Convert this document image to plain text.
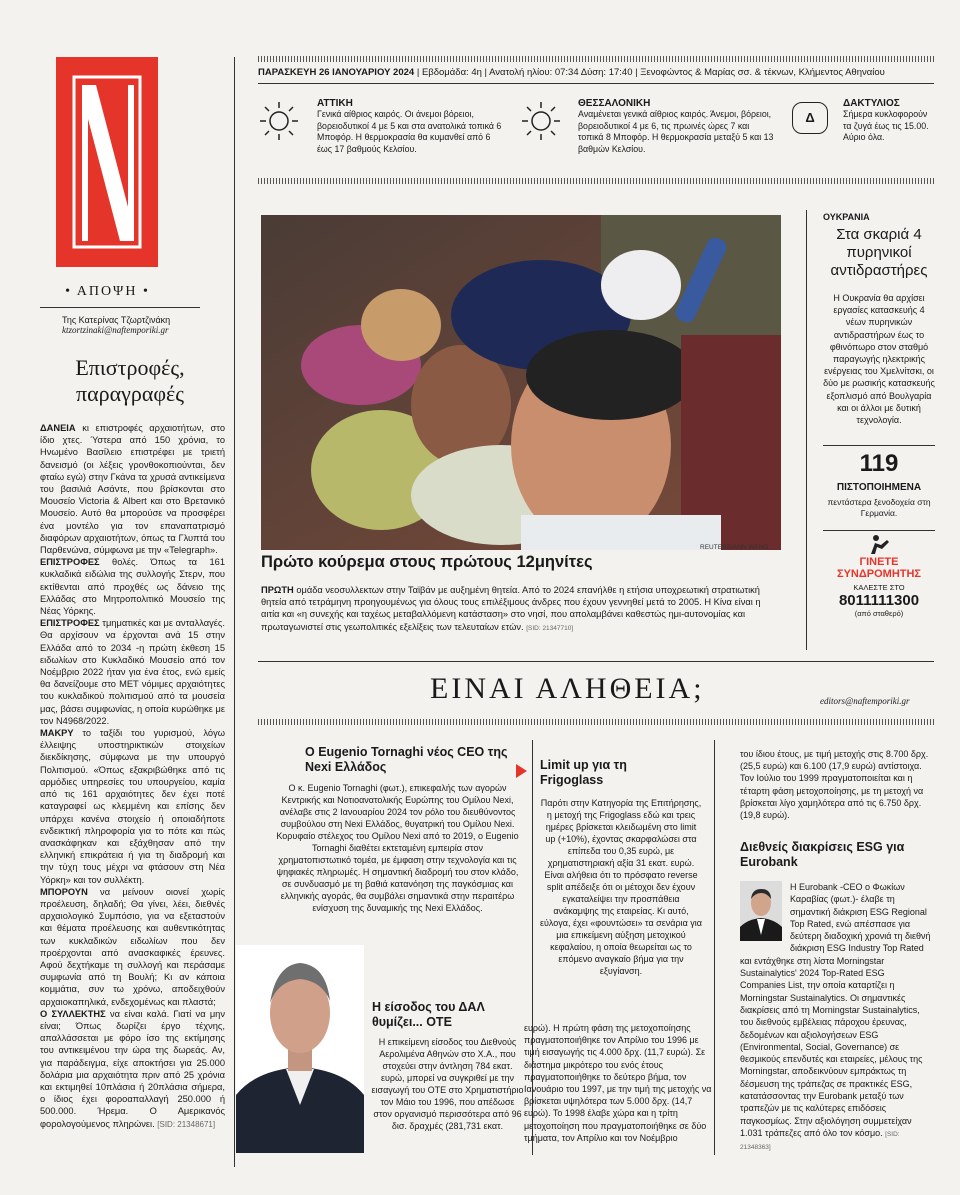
• ΑΠΟΨΗ •
Της Κατερίνας Τζωρτζινάκη
ktzortzinaki@naftemporiki.gr
Επιστροφές,
παραγραφές

ΔΑΝΕΙΑ κι επιστροφές αρχαιοτήτων, στο ίδιο χτες. Ύστερα από 150 χρόνια, το Ηνωμένο Βασίλειο επιστρέφει με τριετή δανεισμό (οι λέξεις γρονθοκοπιούνται, δεν φταίω εγώ) στην Γκάνα τα χρυσά αντικείμενα του βασιλιά Ασάντε, που βρίσκονται στο Μουσείο Victoria & Albert και στο Βρετανικό Μουσείο. Αυτό θα μπορούσε να προσφέρει ένα μοντέλο για τον επαναπατρισμό διαφόρων αρχαιοτήτων, όπως τα Γλυπτά του Παρθενώνα, σύμφωνα με την «Telegraph».

ΕΠΙΣΤΡΟΦΕΣ θολές. Όπως τα 161 κυκλαδικά ειδώλια της συλλογής Στερν, που εκτίθενται από προχθές ως δάνειο της Ελλάδας στο Μητροπολιτικό Μουσείο της Νέας Υόρκης.

ΕΠΙΣΤΡΟΦΕΣ τμηματικές και με ανταλλαγές. Θα αρχίσουν να έρχονται ανά 15 στην Ελλάδα από το 2034 -η πρώτη έκθεση 15 ειδωλίων στο Κυκλαδικό Μουσείο από τον Νοέμβριο 2022 ήταν για ένα έτος, ενώ εμείς θα δανείζουμε στο ΜΕΤ νόμιμες αρχαιότητες του κυκλαδικού πολιτισμού από τα μουσεία μας, βάσει συμφωνίας, η οποία κυρώθηκε με τον Ν4968/2022.

ΜΑΚΡΥ το ταξίδι του γυρισμού, λόγω έλλειψης υποστηρικτικών στοιχείων διεκδίκησης, σύμφωνα με την υπουργό Πολιτισμού. «Όπως εξακριβώθηκε από τις αρμόδιες υπηρεσίες του υπουργείου, καμία από τις 161 αρχαιότητες δεν έχει ποτέ καταγραφεί ως κλεμμένη και επίσης δεν υπάρχει κανένα στοιχείο ή οποιαδήποτε ενδεικτική πληροφορία για το πότε και πώς ανασκάφηκαν και εξάχθησαν από την ελληνική επικράτεια ή για τη διαδρομή και την τύχη τους μέχρι να φτάσουν στη Νέα Υόρκη» και τον συλλέκτη.

ΜΠΟΡΟΥΝ να μείνουν οιονεί χωρίς προέλευση, δηλαδή; Θα γίνει, λέει, διεθνές αρχαιολογικό Συμπόσιο, για να εξεταστούν και θέματα προέλευσης και αυθεντικότητας των κυκλαδικών ειδωλίων που δεν προέρχονται από ανασκαφικές έρευνες. Αφού δεχτήκαμε τη συλλογή και περάσαμε συμφωνία από τη Βουλή; Κι αν κάποια κομμάτια, συν τω χρόνω, αποδειχθούν αρχαιοκαπηλικά, ενδεχομένως και πλαστά;

Ο ΣΥΛΛΕΚΤΗΣ να είναι καλά. Γιατί να μην είναι; Όπως δωρίζει έργο τέχνης, απαλλάσσεται με φόρο ίσο της εκτίμησης του αντικειμένου την ώρα της δωρεάς. Αν, για παράδειγμα, είχε αποκτήσει για 25.000 δολάρια μια αρχαιότητα πριν από 25 χρόνια και εκτιμηθεί 10πλάσια ή 20πλάσια σήμερα, ο ίδιος έχει φοροαπαλλαγή 250.000 ή 500.000. Ήρεμα. Ο Αμερικανός φορολογούμενος πληρώνει. [SID: 21348671]

ΠΑΡΑΣΚΕΥΗ 26 ΙΑΝΟΥΑΡΙΟΥ 2024 | Εβδομάδα: 4η | Ανατολή ηλίου: 07:34 Δύση: 17:40 | Ξενοφώντος & Μαρίας σσ. & τέκνων, Κλήμεντος Αθηναίου
ΑΤΤΙΚΗ
Γενικά αίθριος καιρός. Οι άνεμοι βόρειοι, βορειοδυτικοί 4 με 5 και στα ανατολικά τοπικά 6 Μποφόρ. Η θερμοκρασία θα κυμανθεί από 6 έως 17 βαθμούς Κελσίου.
ΘΕΣΣΑΛΟΝΙΚΗ
Αναμένεται γενικά αίθριος καιρός. Άνεμοι, βόρειοι, βορειοδυτικοί 4 με 6, τις πρωινές ώρες 7 και τοπικά 8 Μποφόρ. Η θερμοκρασία μεταξύ 5 και 13 βαθμών Κελσίου.
Δ
ΔΑΚΤΥΛΙΟΣ
Σήμερα κυκλοφορούν τα ζυγά έως τις 15.00. Αύριο όλα.
REUTERS/ANN WANG
Πρώτο κούρεμα στους πρώτους 12μηνίτες
ΠΡΩΤΗ ομάδα νεοσυλλεκτων στην Ταϊβάν με αυξημένη θητεία. Από το 2024 επανήλθε η ετήσια υποχρεωτική στρατιωτική θητεία από τετράμηνη προηγουμένως για όλους τους επιλέξιμους άνδρες που έχουν γεννηθεί μετά το 2005. Η Κίνα είναι η αιτία και «η συνεχής και ταχέως μεταβαλλόμενη κατάσταση» στο νησί, που απολαμβάνει καθεστώς ημι-αυτονομίας και πρωταγωνιστεί στις γεωπολιτικές εξελίξεις των τελευταίων ετών. [SID: 21347710]
ΟΥΚΡΑΝΙΑ
Στα σκαριά 4 πυρηνικοί αντιδραστήρες
Η Ουκρανία θα αρχίσει εργασίες κατασκευής 4 νέων πυρηνικών αντιδραστήρων έως το φθινόπωρο στον σταθμό παραγωγής ηλεκτρικής ενέργειας του Χμελνίτσκι, οι δύο με ρωσικής κατασκευής εξοπλισμό από Βουλγαρία και οι άλλοι με δυτική τεχνολογία.
119
ΠΙΣΤΟΠΟΙΗΜΕΝΑ
πεντάστερα ξενοδοχεία στη Γερμανία.
ΓΙΝΕΤΕ
ΣΥΝΔΡΟΜΗΤΗΣ
ΚΑΛΕΣΤΕ ΣΤΟ
8011111300
(από σταθερό)
ΕΙΝΑΙ ΑΛΗΘΕΙΑ;	editors@naftemporiki.gr
Ο Eugenio Tornaghi νέος CEO της Nexi Ελλάδος
Ο κ. Eugenio Tornaghi (φωτ.), επικεφαλής των αγορών Κεντρικής και Νοτιοανατολικής Ευρώπης του Ομίλου Nexi, ανέλαβε στις 2 Ιανουαρίου 2024 τον ρόλο του διευθύνοντος συμβούλου στη Nexi Ελλάδος, θυγατρική του Ομίλου Nexi. Κορυφαίο στέλεχος του Ομίλου Nexi από το 2019, ο Eugenio Tornaghi διαθέτει εκτεταμένη εμπειρία στον χρηματοπιστωτικό τομέα, με έμφαση στην τεχνολογία και τις ψηφιακές πληρωμές. Η σημαντική διαδρομή του στον κλάδο, σε συνδυασμό με τη βαθιά κατανόηση της παγκόσμιας και ελληνικής αγοράς, θα συμβάλει σημαντικά στην περαιτέρω ενίσχυση της δυναμικής της Nexi Ελλάδος.
Η είσοδος του ΔΑΛ θυμίζει... ΟΤΕ
Η επικείμενη είσοδος του Διεθνούς Αερολιμένα Αθηνών στο Χ.Α., που στοχεύει στην άντληση 784 εκατ. ευρώ, μπορεί να συγκριθεί με την εισαγωγή του ΟΤΕ στο Χρηματιστήριο τον Μάιο του 1996, που απέδωσε στον οργανισμό περισσότερα από 96 δισ. δραχμές (281,731 εκατ.
Limit up για τη Frigoglass
Παρότι στην Κατηγορία της Επιτήρησης, η μετοχή της Frigoglass εδώ και τρεις ημέρες βρίσκεται κλειδωμένη στο limit up (+10%), έχοντας σκαρφαλώσει στα επίπεδα του 0,35 ευρώ, με χρηματιστηριακή αξία 31 εκατ. ευρώ. Είναι αλήθεια ότι το πρόσφατο reverse split απέδειξε ότι οι μέτοχοι δεν έχουν εγκαταλείψει την προσπάθεια ανάκαμψης της εταιρείας. Κι αυτό, εύλογα, έχει «φουντώσει» τα σενάρια για μια επικείμενη αύξηση μετοχικού κεφαλαίου, η οποία θεωρείται ως το επόμενο αναγκαίο βήμα για την εξυγίανση.
ευρώ). Η πρώτη φάση της μετοχοποίησης πραγματοποιήθηκε τον Απρίλιο του 1996 με τιμή εισαγωγής τις 4.000 δρχ. (11,7 ευρώ). Σε διάστημα μικρότερο του ενός έτους πραγματοποιήθηκε το δεύτερο βήμα, τον Ιανουάριο του 1997, με την τιμή της μετοχής να βρίσκεται υψηλότερα των 5.000 δρχ. (14,7 ευρώ). Το 1998 έλαβε χώρα και η τρίτη μετοχοποίηση που πραγματοποιήθηκε σε δύο τμήματα, τον Απρίλιο και τον Νοέμβριο
του ίδιου έτους, με τιμή μετοχής στις 8.700 δρχ. (25,5 ευρώ) και 6.100 (17,9 ευρώ) αντίστοιχα. Τον Ιούλιο του 1999 πραγματοποιείται και η τέταρτη φάση μετοχοποίησης, με τη μετοχή να βρίσκεται λίγο χαμηλότερα από τις 6.750 δρχ. (19,8 ευρώ).
Διεθνείς διακρίσεις ESG για Eurobank
Η Eurobank -CEO ο Φωκίων Καραβίας (φωτ.)- έλαβε τη σημαντική διάκριση ESG Regional Top Rated, ενώ απέσπασε για δεύτερη διαδοχική χρονιά τη διεθνή διάκριση ESG Industry Top Rated και εντάχθηκε στη λίστα Morningstar Sustainalytics' 2024 Top-Rated ESG Companies List, την οποία καταρτίζει η Morningstar Sustainalytics. Οι σημαντικές διακρίσεις από τη Morningstar Sustainalytics, του διεθνούς εμβέλειας πάροχου έρευνας, δεδομένων και αξιολογήσεων ESG (Environmental, Social, Governance) σε θεσμικούς επενδυτές και εταιρείες, μέλους της Morningstar, αποδεικνύουν εμπράκτως τη δέσμευση της τράπεζας σε πρακτικές ESG, κατατάσσοντας την Eurobank μεταξύ των τραπεζών με τις καλύτερες επιδόσεις παγκοσμίως. Στην αξιολόγηση συμμετείχαν 1.031 τράπεζες από όλο τον κόσμο. [SID: 21348363]
